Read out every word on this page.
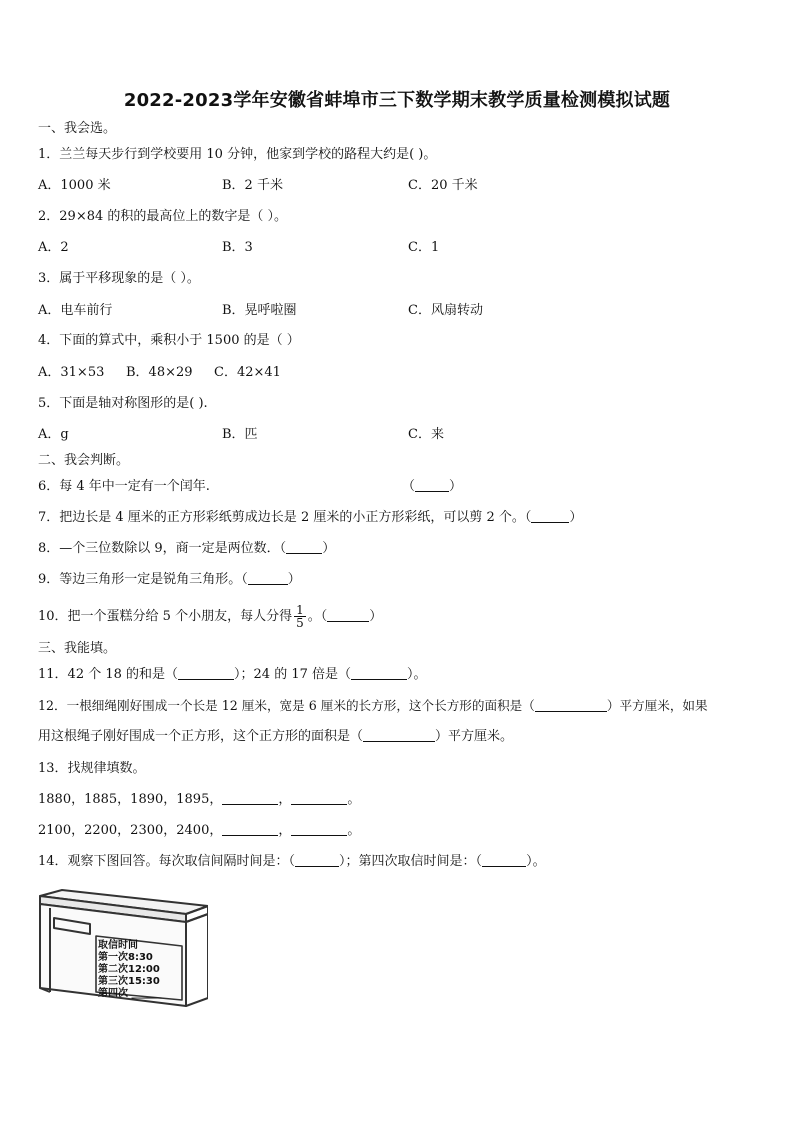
2022-2023学年安徽省蚌埠市三下数学期末教学质量检测模拟试题
一、我会选。
1．兰兰每天步行到学校要用 10 分钟，他家到学校的路程大约是( )。
A．1000 米	B．2 千米	C．20 千米
2．29×84 的积的最高位上的数字是（ ）。
A．2	B．3	C．1
3．属于平移现象的是（ ）。
A．电车前行	B．晃呼啦圈	C．风扇转动
4．下面的算式中，乘积小于 1500 的是（ ）
A．31×53 B．48×29 C．42×41
5．下面是轴对称图形的是( ).
A．g	B．匹	C．来
二、我会判断。
6．每 4 年中一定有一个闰年.	（	）
7．把边长是 4 厘米的正方形彩纸剪成边长是 2 厘米的小正方形彩纸，可以剪 2 个。（	）
8．—个三位数除以 9，商一定是两位数．（	）
9．等边三角形一定是锐角三角形。（	）
10．把一个蛋糕分给 5 个小朋友，每人分得 $\frac{1}{5}$ 。（	）
三、我能填。
11．42 个 18 的和是（	）；24 的 17 倍是（	）。
12．一根细绳刚好围成一个长是 12 厘米，宽是 6 厘米的长方形，这个长方形的面积是（	）平方厘米，如果
用这根绳子刚好围成一个正方形，这个正方形的面积是（	）平方厘米。
13．找规律填数。
1880，1885，1890，1895，	，	。
2100，2200，2300，2400，	，	。
14．观察下图回答。每次取信间隔时间是：（	）；第四次取信时间是：（	）。
取信时间
第一次8:30
第二次12:00
第三次15:30
第四次 ______
